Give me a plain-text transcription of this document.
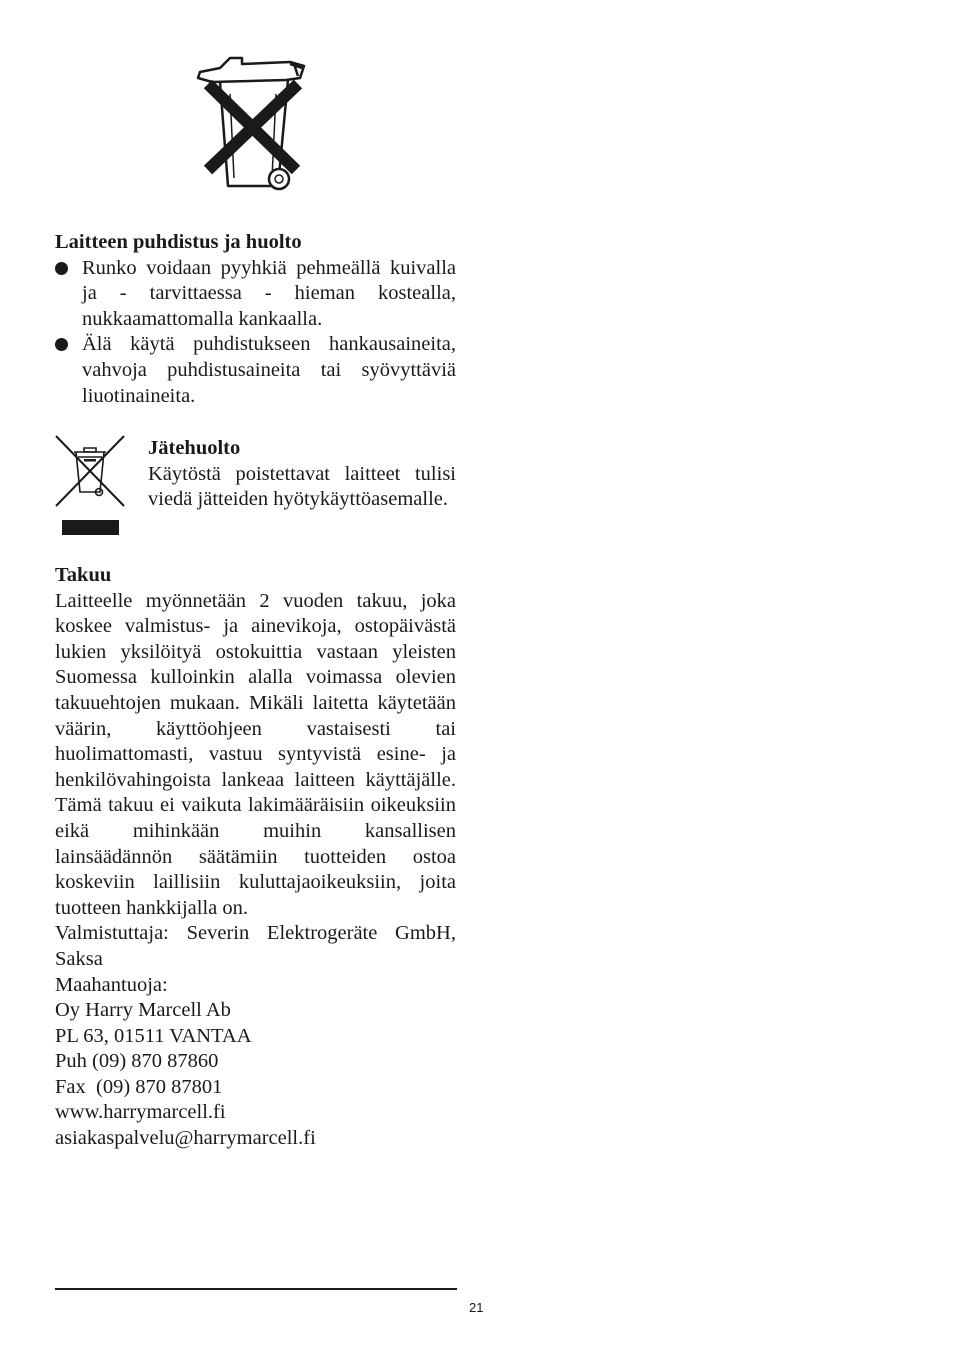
Laitteen puhdistus ja huolto
Runko voidaan pyyhkiä pehmeällä kuivalla ja - tarvittaessa - hieman kostealla, nukkaamattomalla kankaalla.
Älä käytä puhdistukseen hankausaineita, vahvoja puhdistusaineita tai syövyttäviä liuotinaineita.
Jätehuolto
Käytöstä poistettavat laitteet tulisi viedä jätteiden hyötykäyttöasemalle.
Takuu
Laitteelle myönnetään 2 vuoden takuu, joka koskee valmistus- ja ainevikoja, ostopäivästä lukien yksilöityä ostokuittia vastaan yleisten Suomessa kulloinkin alalla voimassa olevien takuuehtojen mukaan. Mikäli laitetta käytetään väärin, käyttöohjeen vastaisesti tai huolimattomasti, vastuu syntyvistä esine- ja henkilövahingoista lankeaa laitteen käyttäjälle. Tämä takuu ei vaikuta lakimääräisiin oikeuksiin eikä mihinkään muihin kansallisen lainsäädännön säätämiin tuotteiden ostoa koskeviin laillisiin kuluttajaoikeuksiin, joita tuotteen hankkijalla on.
Valmistuttaja: Severin Elektrogeräte GmbH, Saksa
Maahantuoja:
Oy Harry Marcell Ab
PL 63, 01511 VANTAA
Puh (09) 870 87860
Fax  (09) 870 87801
www.harrymarcell.fi
asiakaspalvelu@harrymarcell.fi
21
